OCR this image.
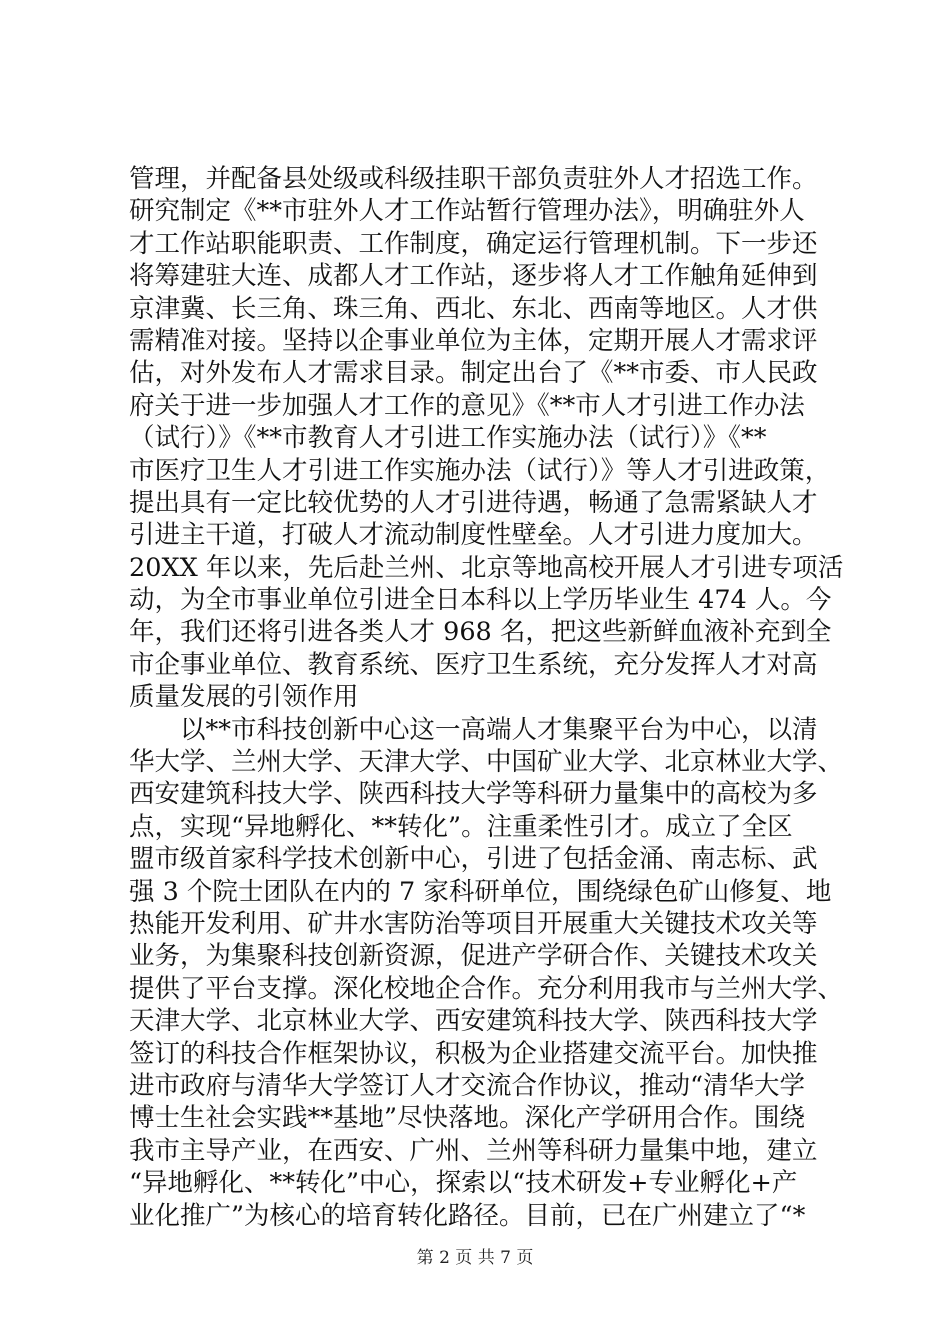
管理，并配备县处级或科级挂职干部负责驻外人才招选工作。
研究制定《**市驻外人才工作站暂行管理办法》，明确驻外人
才工作站职能职责、工作制度，确定运行管理机制。下一步还
将筹建驻大连、成都人才工作站，逐步将人才工作触角延伸到
京津冀、长三角、珠三角、西北、东北、西南等地区。人才供
需精准对接。坚持以企事业单位为主体，定期开展人才需求评
估，对外发布人才需求目录。制定出台了《**市委、市人民政
府关于进一步加强人才工作的意见》《**市人才引进工作办法
（试行）》《**市教育人才引进工作实施办法（试行）》《**
市医疗卫生人才引进工作实施办法（试行）》等人才引进政策，
提出具有一定比较优势的人才引进待遇，畅通了急需紧缺人才
引进主干道，打破人才流动制度性壁垒。人才引进力度加大。
20XX 年以来，先后赴兰州、北京等地高校开展人才引进专项活
动，为全市事业单位引进全日本科以上学历毕业生 474 人。今
年，我们还将引进各类人才 968 名，把这些新鲜血液补充到全
市企事业单位、教育系统、医疗卫生系统，充分发挥人才对高
质量发展的引领作用
以**市科技创新中心这一高端人才集聚平台为中心，以清
华大学、兰州大学、天津大学、中国矿业大学、北京林业大学、
西安建筑科技大学、陕西科技大学等科研力量集中的高校为多
点，实现“异地孵化、**转化”。注重柔性引才。成立了全区
盟市级首家科学技术创新中心，引进了包括金涌、南志标、武
强 3 个院士团队在内的 7 家科研单位，围绕绿色矿山修复、地
热能开发利用、矿井水害防治等项目开展重大关键技术攻关等
业务，为集聚科技创新资源，促进产学研合作、关键技术攻关
提供了平台支撑。深化校地企合作。充分利用我市与兰州大学、
天津大学、北京林业大学、西安建筑科技大学、陕西科技大学
签订的科技合作框架协议，积极为企业搭建交流平台。加快推
进市政府与清华大学签订人才交流合作协议，推动“清华大学
博士生社会实践**基地”尽快落地。深化产学研用合作。围绕
我市主导产业，在西安、广州、兰州等科研力量集中地，建立
“异地孵化、**转化”中心，探索以“技术研发+专业孵化+产
业化推广”为核心的培育转化路径。目前，已在广州建立了“*
第 2 页 共 7 页
